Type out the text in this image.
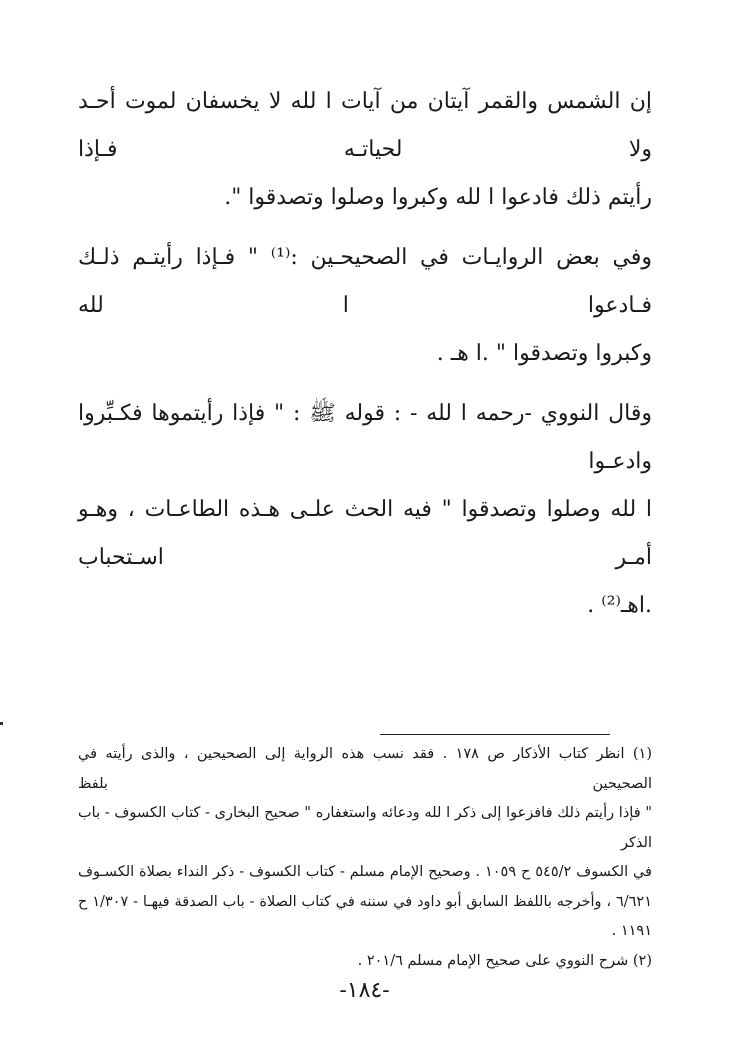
إن الشمس والقمر آيتان من آيات ا لله لا يخسفان لموت أحـد ولا لحياتـه فـإذا
رأيتم ذلك فادعوا ا لله وكبروا وصلوا وتصدقوا ".

وفي بعض الروايـات في الصحيحـين :⁽¹⁾ " فـإذا رأيتـم ذلـك فـادعوا ا لله
وكبروا وتصدقوا " .ا هـ .

وقال النووي -رحمه ا لله - : قوله ﷺ : " فإذا رأيتموها فكـبِّروا وادعـوا
ا لله وصلوا وتصدقوا " فيه الحث علـى هـذه الطاعـات ، وهـو أمـر اسـتحباب
.اهـ⁽²⁾ .

(١) انظر كتاب الأذكار ص ١٧٨ . فقد نسب هذه الرواية إلى الصحيحين ، والذى رأيته في الصحيحين بلفظ
" فإذا رأيتم ذلك فافزعوا إلى ذكر ا لله ودعائه واستغفاره " صحيح البخارى - كتاب الكسوف - باب الذكر
في الكسوف ٥٤٥/٢ ح ١٠٥٩ . وصحيح الإمام مسلم - كتاب الكسوف - ذكر النداء بصلاة الكسـوف
٦/٦٢١ ، وأخرجه باللفظ السابق أبو داود في سننه في كتاب الصلاة - باب الصدقة فيهـا - ١/٣٠٧ ح
١١٩١ .

(٢) شرح النووي على صحيح الإمام مسلم ٢٠١/٦ .

-١٨٤-
